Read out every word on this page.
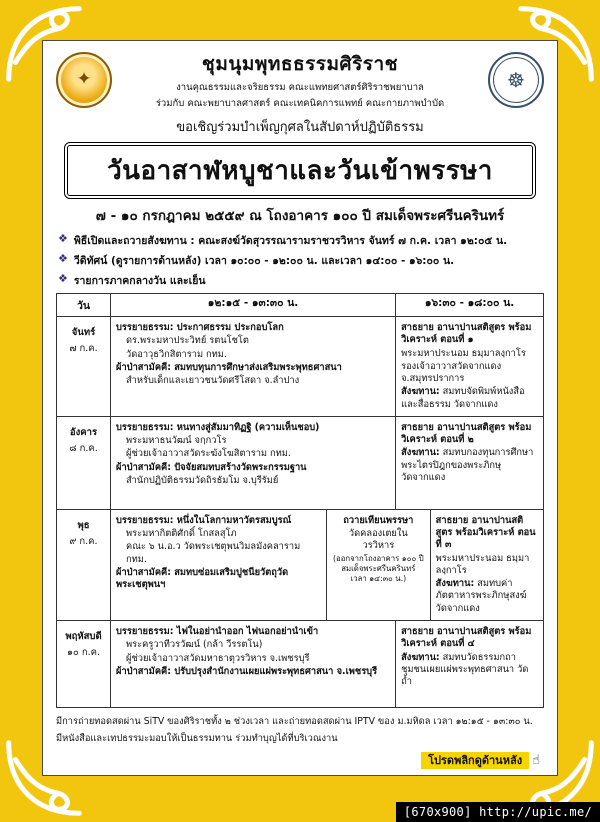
✦
ชุมนุมพุทธธรรมศิริราช
งานคุณธรรมและจริยธรรม คณะแพทยศาสตร์ศิริราชพยาบาล
ร่วมกับ คณะพยาบาลศาสตร์ คณะเทคนิคการแพทย์ คณะกายภาพบำบัด
☸
ขอเชิญร่วมบำเพ็ญกุศลในสัปดาห์ปฏิบัติธรรม
วันอาสาฬหบูชาและวันเข้าพรรษา
๗ - ๑๐ กรกฎาคม ๒๕๕๙ ณ โถงอาคาร ๑๐๐ ปี สมเด็จพระศรีนครินทร์
❖ พิธีเปิดและถวายสังฆทาน : คณะสงฆ์วัดสุวรรณารามราชวรวิหาร จันทร์ ๗ ก.ค. เวลา ๑๒:๐๕ น.
❖ วีดิทัศน์ (ดูรายการด้านหลัง) เวลา ๑๐:๐๐ - ๑๒:๐๐ น. และเวลา ๑๔:๐๐ - ๑๖:๐๐ น.
❖ รายการภาคกลางวัน และเย็น
วัน	๑๒:๑๕ - ๑๓:๓๐ น.	๑๖:๓๐ - ๑๘:๐๐ น.
จันทร์
๗ ก.ค.
บรรยายธรรม: ประกาศธรรม ประกอบโลก
ดร.พระมหาประวิทย์ รตนโชโต
วัดอาวุธวิกสิตาราม กทม.
ผ้าป่าสามัคคี: สมทบทุนการศึกษาส่งเสริมพระพุทธศาสนา
สำหรับเด็กและเยาวชนวัดศรีโสดา จ.ลำปาง
สาธยาย อานาปานสติสูตร พร้อมวิเคราะห์ ตอนที่ ๑
พระมหาประนอม ธมฺมาลงฺกาโร
รองเจ้าอาวาสวัดจากแดง จ.สมุทรปราการ
สังฆทาน: สมทบจัดพิมพ์หนังสือและสื่อธรรม วัดจากแดง
อังคาร
๘ ก.ค.
บรรยายธรรม: หนทางสู่สัมมาทิฏฐิ (ความเห็นชอบ)
พระมหาธนวัฒน์ จกฺกวโร
ผู้ช่วยเจ้าอาวาสวัดระฆังโฆสิตาราม กทม.
ผ้าป่าสามัคคี: ปัจจัยสมทบสร้างวัดพระกรรมฐาน
สำนักปฏิบัติธรรมวัดถิรธัมโม จ.บุรีรัมย์
สาธยาย อานาปานสติสูตร พร้อมวิเคราะห์ ตอนที่ ๒
สังฆทาน: สมทบกองทุนการศึกษาพระไตรปิฎกของพระภิกษุ วัดจากแดง
พุธ
๙ ก.ค.
บรรยายธรรม: หนึ่งในโลกามหาวัตรสมบูรณ์
พระมหากิตติศักดิ์ โกสลสุโภ
คณะ ๖ น.อ.ว วัดพระเชตุพนวิมลมังคลาราม กทม.
ผ้าป่าสามัคคี: สมทบซ่อมเสริมปูชนียวัตถุวัดพระเชตุพนฯ
ถวายเทียนพรรษา
วัดคลองเตยใน วรวิหาร
(ออกจากโถงอาคาร ๑๐๐ ปี สมเด็จพระศรีนครินทร์ เวลา ๑๔:๓๐ น.)
สาธยาย อานาปานสติสูตร พร้อมวิเคราะห์ ตอนที่ ๓
พระมหาประนอม ธมฺมาลงฺกาโร
สังฆทาน: สมทบค่าภัตตาหารพระภิกษุสงฆ์วัดจากแดง
พฤหัสบดี
๑๐ ก.ค.
บรรยายธรรม: ไฟในอย่านำออก ไฟนอกอย่านำเข้า
พระครูวาทีวรวัฒน์ (กล้า วีรรตโน)
ผู้ช่วยเจ้าอาวาสวัดมหาธาตุวรวิหาร จ.เพชรบุรี
ผ้าป่าสามัคคี: ปรับปรุงสำนักงานเผยแผ่พระพุทธศาสนา จ.เพชรบุรี
สาธยาย อานาปานสติสูตร พร้อมวิเคราะห์ ตอนที่ ๔
สังฆทาน: สมทบวัดธรรมกถาชุมชนเผยแผ่พระพุทธศาสนา วัดถ้ำ
มีการถ่ายทอดสดผ่าน SiTV ของศิริราชทั้ง ๒ ช่วงเวลา และถ่ายทอดสดผ่าน IPTV ของ ม.มหิดล เวลา ๑๒:๑๕ - ๑๓:๓๐ น.
มีหนังสือและเทปธรรมะมอบให้เป็นธรรมทาน ร่วมทำบุญได้ที่บริเวณงาน
โปรดพลิกดูด้านหลัง ☝
[670x900] http://upic.me/
